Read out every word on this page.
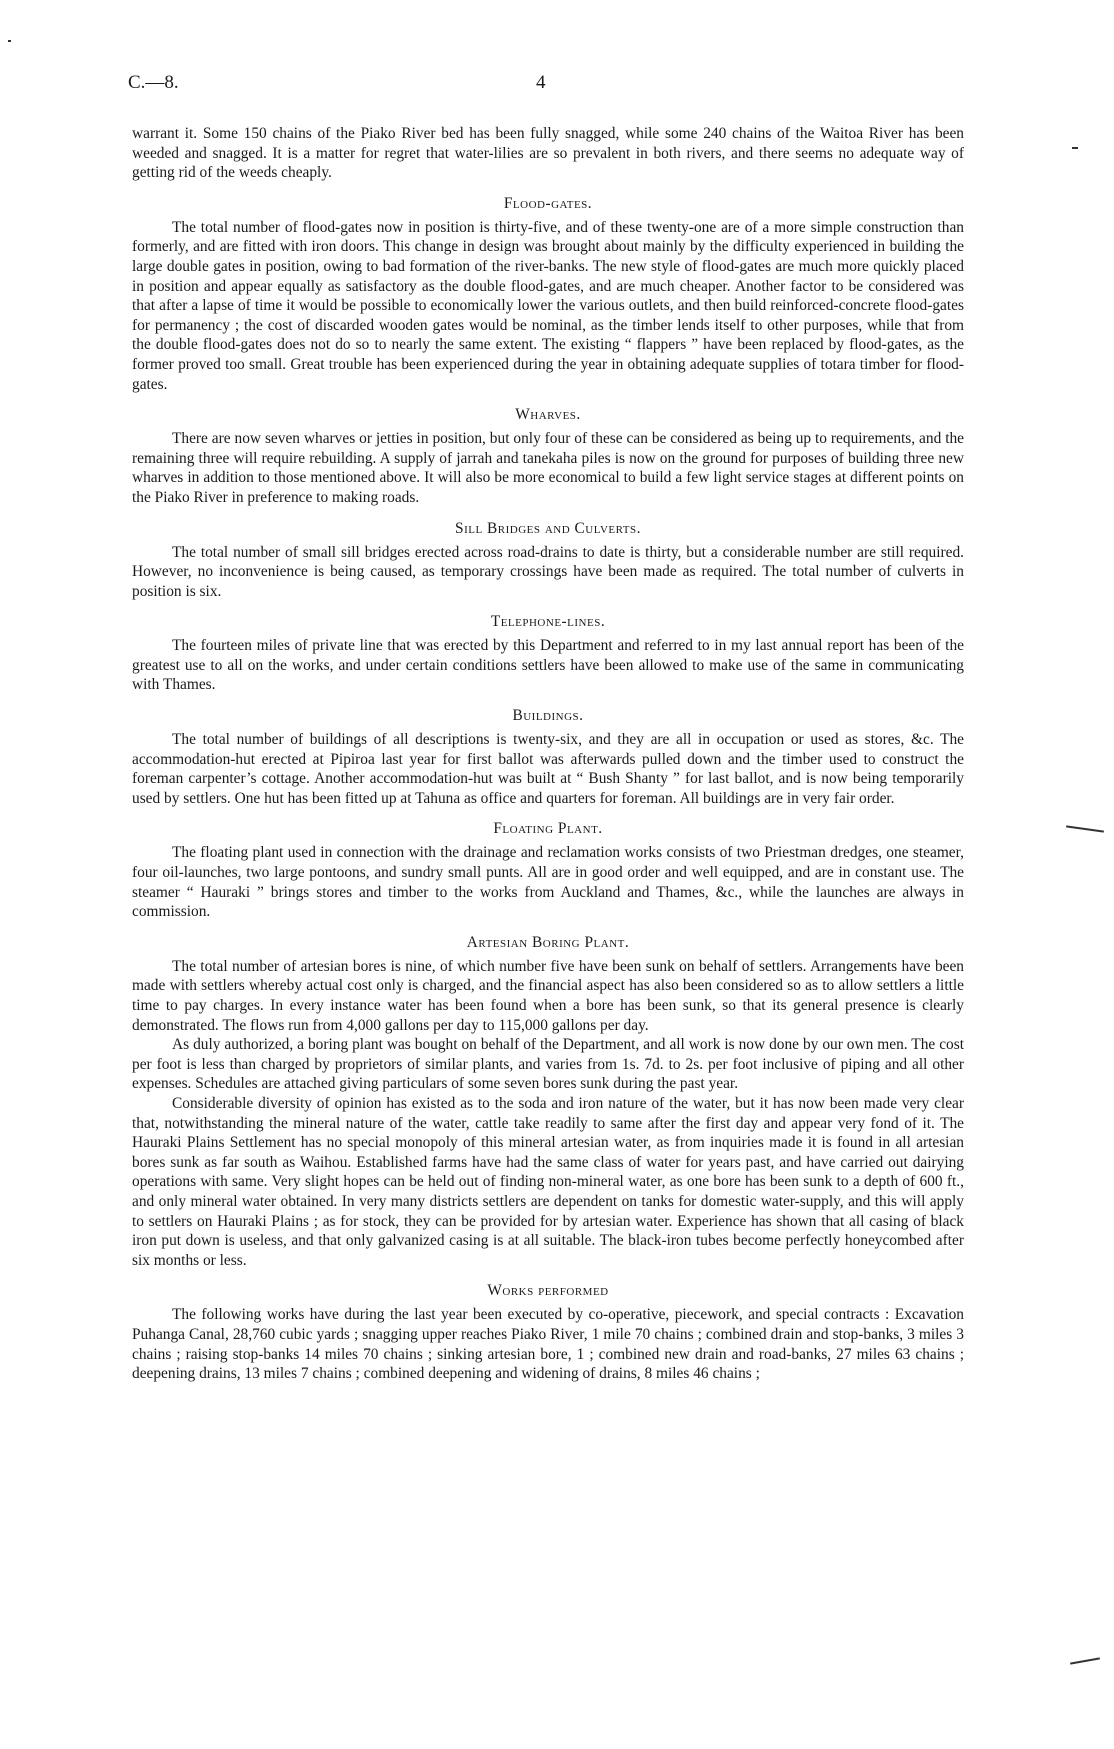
C.—8.	4

warrant it. Some 150 chains of the Piako River bed has been fully snagged, while some 240 chains of the Waitoa River has been weeded and snagged. It is a matter for regret that water-lilies are so prevalent in both rivers, and there seems no adequate way of getting rid of the weeds cheaply.

Flood-gates.

The total number of flood-gates now in position is thirty-five, and of these twenty-one are of a more simple construction than formerly, and are fitted with iron doors. This change in design was brought about mainly by the difficulty experienced in building the large double gates in position, owing to bad formation of the river-banks. The new style of flood-gates are much more quickly placed in position and appear equally as satisfactory as the double flood-gates, and are much cheaper. Another factor to be considered was that after a lapse of time it would be possible to economically lower the various outlets, and then build reinforced-concrete flood-gates for permanency ; the cost of discarded wooden gates would be nominal, as the timber lends itself to other purposes, while that from the double flood-gates does not do so to nearly the same extent. The existing “ flappers ” have been replaced by flood-gates, as the former proved too small. Great trouble has been experienced during the year in obtaining adequate supplies of totara timber for flood-gates.

Wharves.

There are now seven wharves or jetties in position, but only four of these can be considered as being up to requirements, and the remaining three will require rebuilding. A supply of jarrah and tanekaha piles is now on the ground for purposes of building three new wharves in addition to those mentioned above. It will also be more economical to build a few light service stages at different points on the Piako River in preference to making roads.

Sill Bridges and Culverts.

The total number of small sill bridges erected across road-drains to date is thirty, but a considerable number are still required. However, no inconvenience is being caused, as temporary crossings have been made as required. The total number of culverts in position is six.

Telephone-lines.

The fourteen miles of private line that was erected by this Department and referred to in my last annual report has been of the greatest use to all on the works, and under certain conditions settlers have been allowed to make use of the same in communicating with Thames.

Buildings.

The total number of buildings of all descriptions is twenty-six, and they are all in occupation or used as stores, &c. The accommodation-hut erected at Pipiroa last year for first ballot was afterwards pulled down and the timber used to construct the foreman carpenter’s cottage. Another accommodation-hut was built at “ Bush Shanty ” for last ballot, and is now being temporarily used by settlers. One hut has been fitted up at Tahuna as office and quarters for foreman. All buildings are in very fair order.

Floating Plant.

The floating plant used in connection with the drainage and reclamation works consists of two Priestman dredges, one steamer, four oil-launches, two large pontoons, and sundry small punts. All are in good order and well equipped, and are in constant use. The steamer “ Hauraki ” brings stores and timber to the works from Auckland and Thames, &c., while the launches are always in commission.

Artesian Boring Plant.

The total number of artesian bores is nine, of which number five have been sunk on behalf of settlers. Arrangements have been made with settlers whereby actual cost only is charged, and the financial aspect has also been considered so as to allow settlers a little time to pay charges. In every instance water has been found when a bore has been sunk, so that its general presence is clearly demonstrated. The flows run from 4,000 gallons per day to 115,000 gallons per day.

As duly authorized, a boring plant was bought on behalf of the Department, and all work is now done by our own men. The cost per foot is less than charged by proprietors of similar plants, and varies from 1s. 7d. to 2s. per foot inclusive of piping and all other expenses. Schedules are attached giving particulars of some seven bores sunk during the past year.

Considerable diversity of opinion has existed as to the soda and iron nature of the water, but it has now been made very clear that, notwithstanding the mineral nature of the water, cattle take readily to same after the first day and appear very fond of it. The Hauraki Plains Settlement has no special monopoly of this mineral artesian water, as from inquiries made it is found in all artesian bores sunk as far south as Waihou. Established farms have had the same class of water for years past, and have carried out dairying operations with same. Very slight hopes can be held out of finding non-mineral water, as one bore has been sunk to a depth of 600 ft., and only mineral water obtained. In very many districts settlers are dependent on tanks for domestic water-supply, and this will apply to settlers on Hauraki Plains ; as for stock, they can be provided for by artesian water. Experience has shown that all casing of black iron put down is useless, and that only galvanized casing is at all suitable. The black-iron tubes become perfectly honeycombed after six months or less.

Works performed

The following works have during the last year been executed by co-operative, piecework, and special contracts : Excavation Puhanga Canal, 28,760 cubic yards ; snagging upper reaches Piako River, 1 mile 70 chains ; combined drain and stop-banks, 3 miles 3 chains ; raising stop-banks 14 miles 70 chains ; sinking artesian bore, 1 ; combined new drain and road-banks, 27 miles 63 chains ; deepening drains, 13 miles 7 chains ; combined deepening and widening of drains, 8 miles 46 chains ;
